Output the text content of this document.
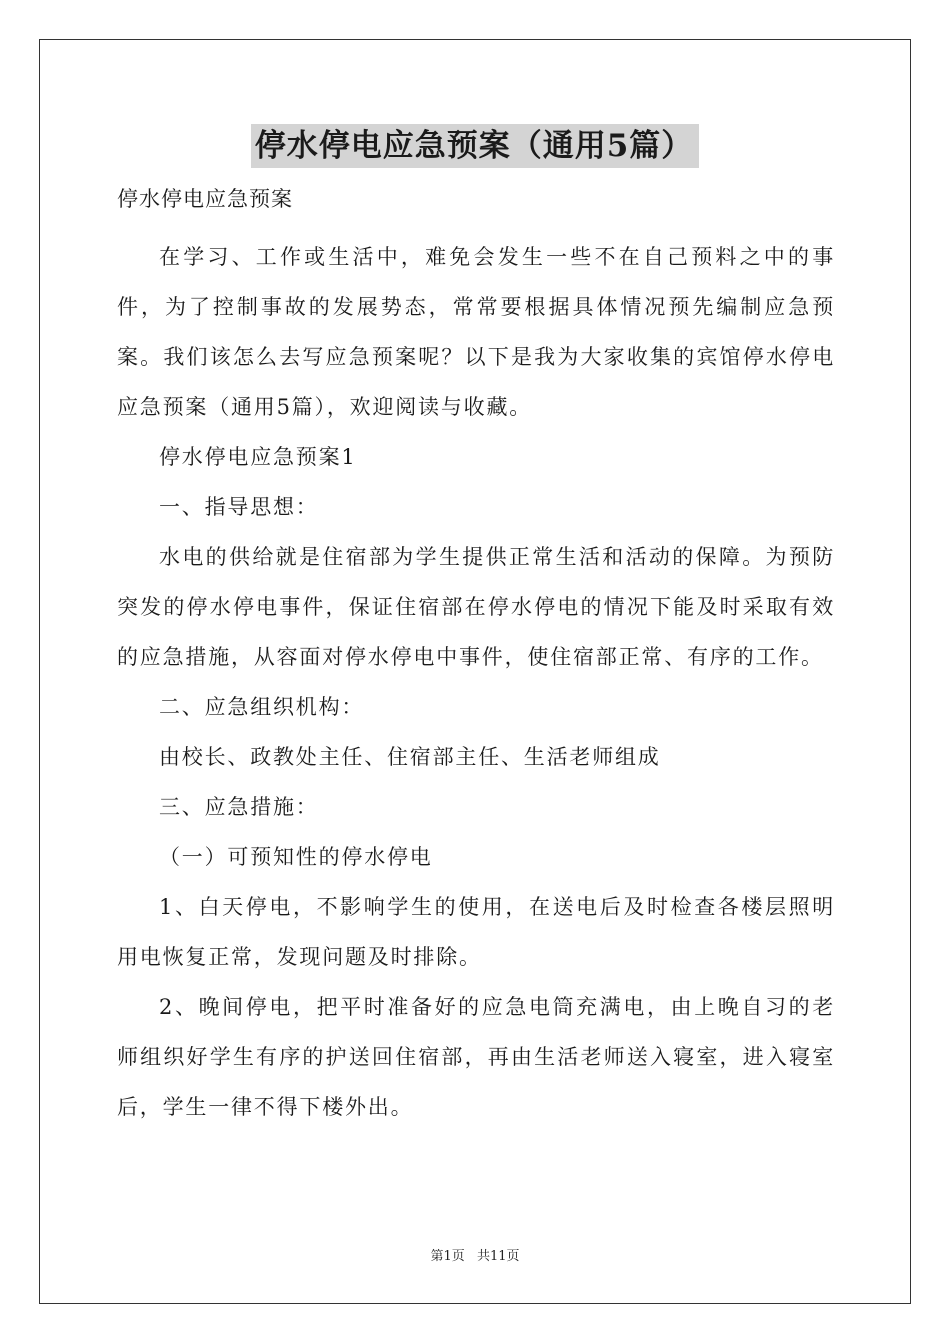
停水停电应急预案（通用5篇）
停水停电应急预案

在学习、工作或生活中，难免会发生一些不在自己预料之中的事件，为了控制事故的发展势态，常常要根据具体情况预先编制应急预案。我们该怎么去写应急预案呢？以下是我为大家收集的宾馆停水停电应急预案（通用5篇），欢迎阅读与收藏。

停水停电应急预案1

一、指导思想：

水电的供给就是住宿部为学生提供正常生活和活动的保障。为预防突发的停水停电事件，保证住宿部在停水停电的情况下能及时采取有效的应急措施，从容面对停水停电中事件，使住宿部正常、有序的工作。

二、应急组织机构：

由校长、政教处主任、住宿部主任、生活老师组成

三、应急措施：

（一）可预知性的停水停电

1、白天停电，不影响学生的使用，在送电后及时检查各楼层照明用电恢复正常，发现问题及时排除。

2、晚间停电，把平时准备好的应急电筒充满电，由上晚自习的老师组织好学生有序的护送回住宿部，再由生活老师送入寝室，进入寝室后，学生一律不得下楼外出。

第1页 共11页
